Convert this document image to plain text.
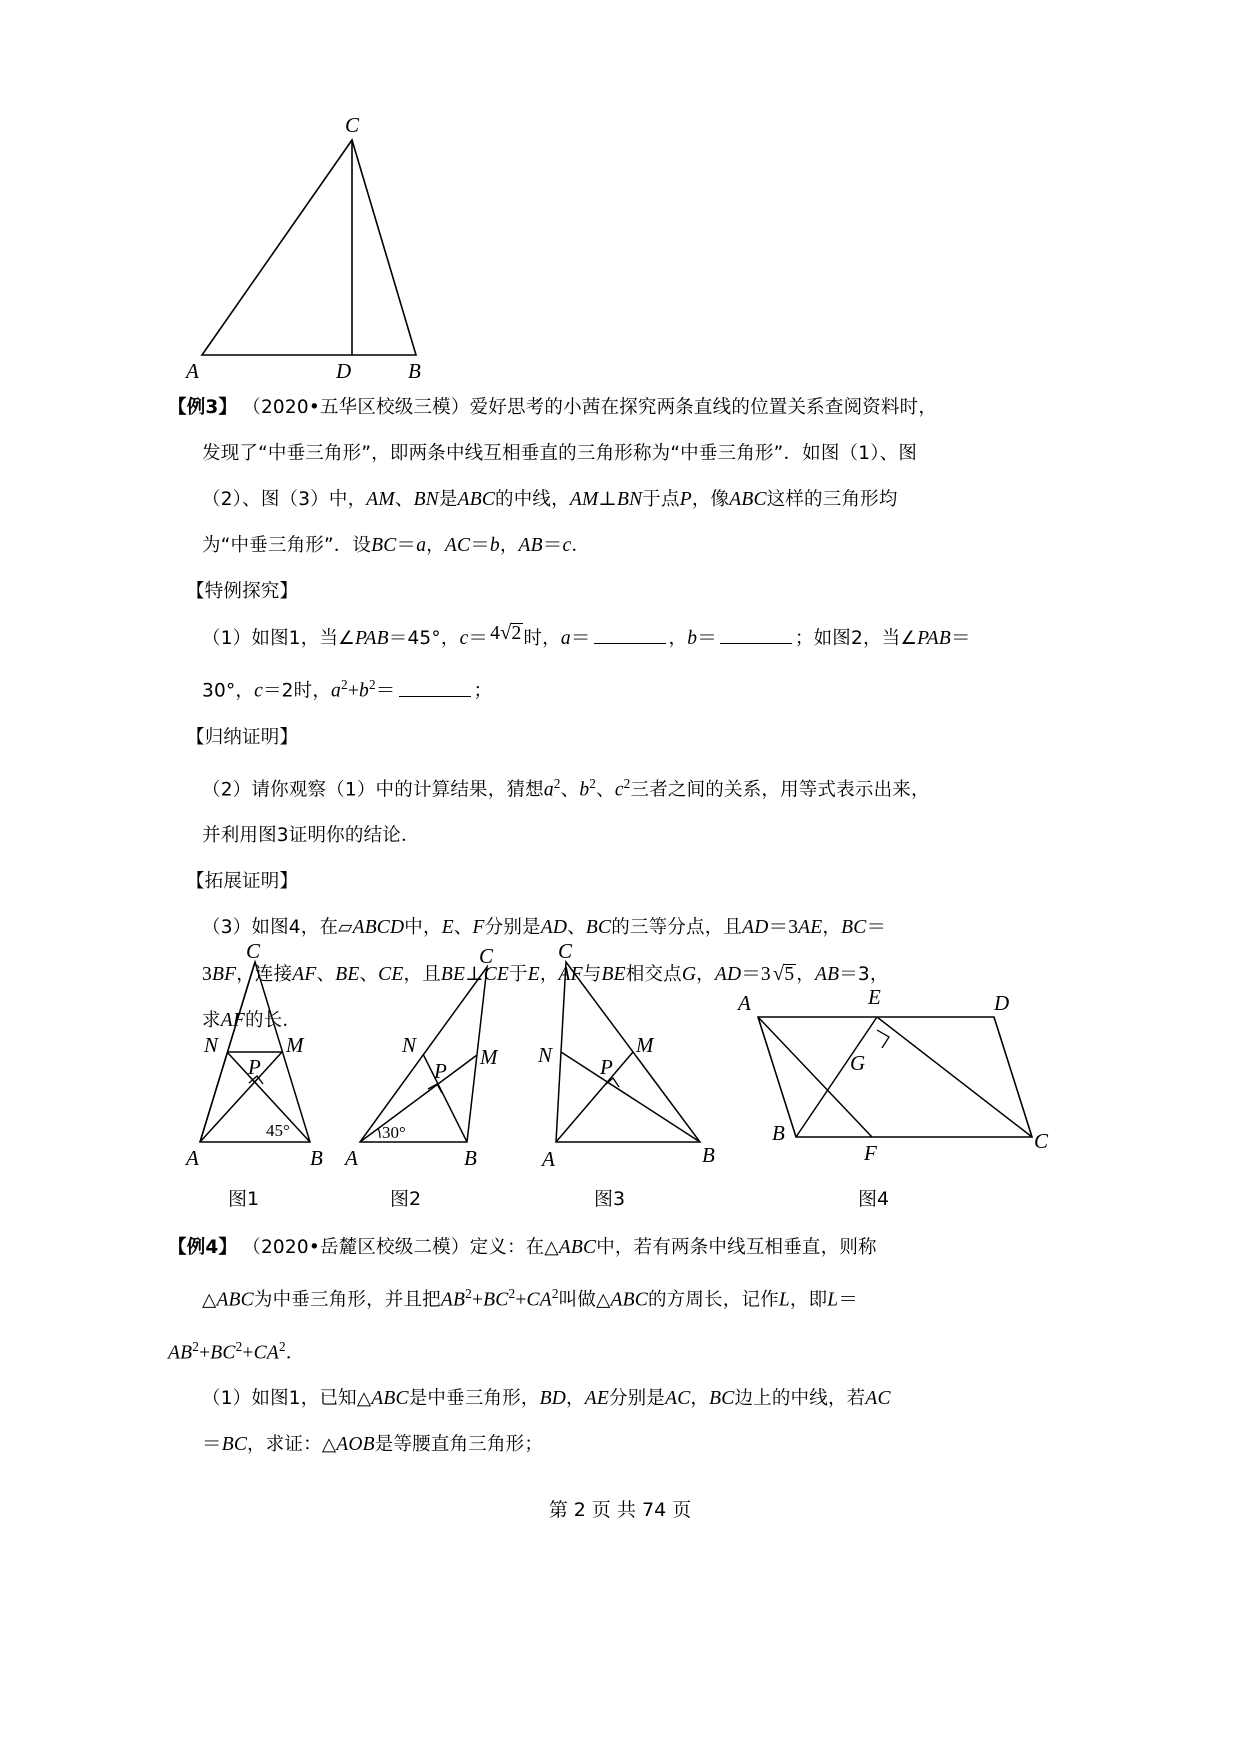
C
A	D	B
【例3】 （2020•五华区校级三模）爱好思考的小茜在探究两条直线的位置关系查阅资料时，
发现了“中垂三角形”，即两条中线互相垂直的三角形称为“中垂三角形”．如图（1）、图
（2）、图（3）中，AM、BN是ABC的中线，AM⊥BN于点P，像ABC这样的三角形均
为“中垂三角形”．设BC＝a，AC＝b，AB＝c．
【特例探究】
（1）如图1，当∠PAB＝45°，c＝ 4√2 时，a＝	，b＝	；如图2，当∠PAB＝
30°，c＝2时，$a^2+b^2=$	；
【归纳证明】
（2）请你观察（1）中的计算结果，猜想$a^2$、$b^2$、$c^2$三者之间的关系，用等式表示出来，
并利用图3证明你的结论．
【拓展证明】
（3）如图4，在▱ABCD中，E、F分别是AD、BC的三等分点，且AD＝3AE，BC＝
3BF，连接AF、BE、CE，且BE⊥CE于E，AF与BE相交点G，AD＝3√5 ，AB＝3，
求AF的长．
C
N	M
P
A	B
45°
图1
C
N	M
P
A	B
30°
图2
C
N	M
P
A	B
图3
A	E	D
G
B
F	C
图4
【例4】 （2020•岳麓区校级二模）定义：在△ABC中，若有两条中线互相垂直，则称
△ABC为中垂三角形，并且把$AB^2+BC^2+CA^2$叫做△ABC的方周长，记作L，即L＝
$AB^2+BC^2+CA^2$．
（1）如图1，已知△ABC是中垂三角形，BD，AE分别是AC，BC边上的中线，若AC
＝BC，求证：△AOB是等腰直角三角形；
第 2 页 共 74 页
